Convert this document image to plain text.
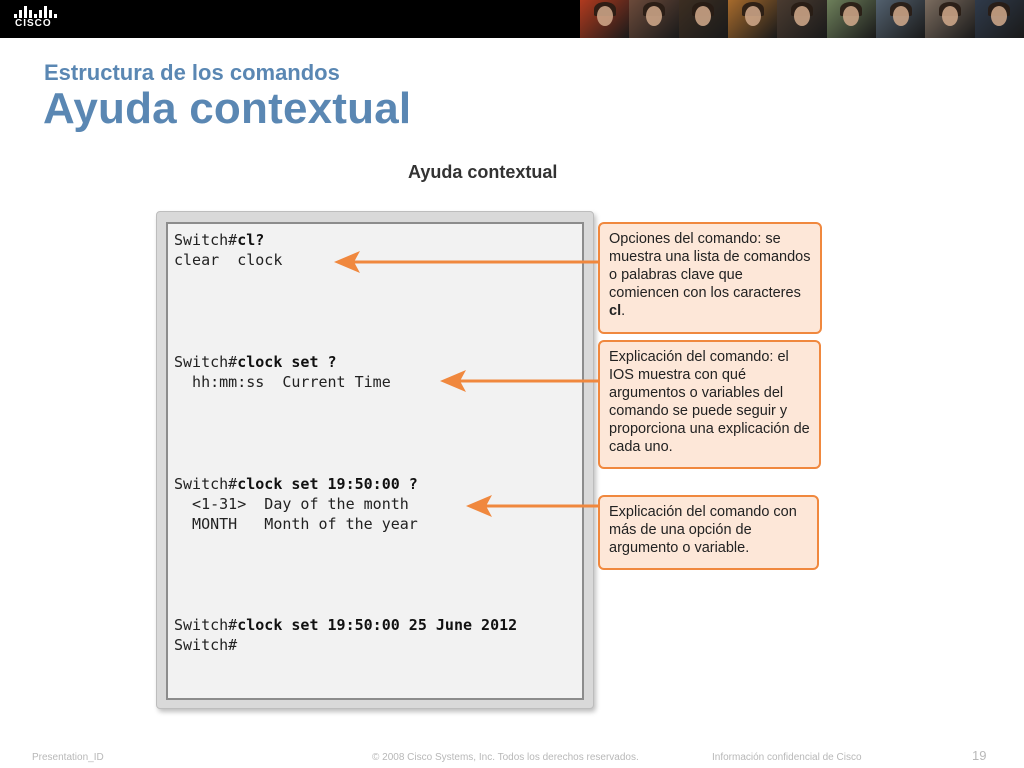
CISCO
Estructura de los comandos
Ayuda contextual
Ayuda contextual
Switch#cl?
clear  clock
Switch#clock set ?
hh:mm:ss  Current Time
Switch#clock set 19:50:00 ?
<1-31>  Day of the month
MONTH   Month of the year
Switch#clock set 19:50:00 25 June 2012
Switch#
Opciones del comando: se muestra una lista de comandos o palabras clave que comiencen con los caracteres cl.
Explicación del comando: el IOS muestra con qué argumentos o variables del comando se puede seguir y proporciona una explicación de cada uno.
Explicación del comando con más de una opción de argumento o variable.
Presentation_ID	© 2008 Cisco Systems, Inc. Todos los derechos reservados.	Información confidencial de Cisco	19
